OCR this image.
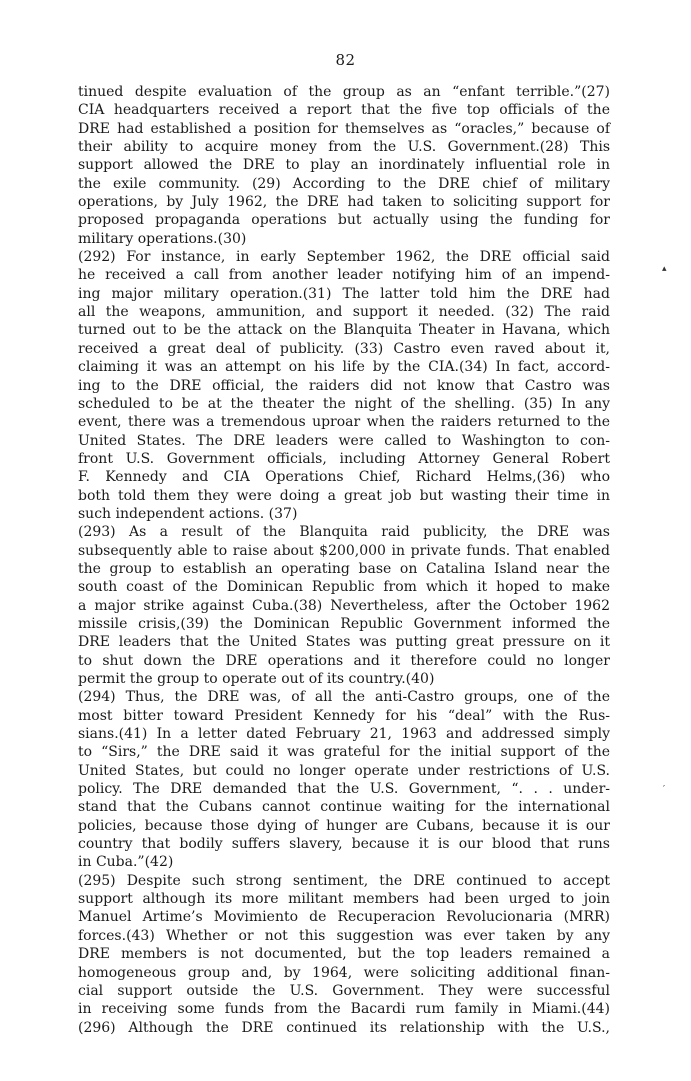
82
tinued despite evaluation of the group as an “enfant terrible.”(27)
CIA headquarters received a report that the five top officials of the
DRE had established a position for themselves as “oracles,” because of
their ability to acquire money from the U.S. Government.(28) This
support allowed the DRE to play an inordinately influential role in
the exile community. (29) According to the DRE chief of military
operations, by July 1962, the DRE had taken to soliciting support for
proposed propaganda operations but actually using the funding for
military operations.(30)
(292) For instance, in early September 1962, the DRE official said
he received a call from another leader notifying him of an impend-
ing major military operation.(31) The latter told him the DRE had
all the weapons, ammunition, and support it needed. (32) The raid
turned out to be the attack on the Blanquita Theater in Havana, which
received a great deal of publicity. (33) Castro even raved about it,
claiming it was an attempt on his life by the CIA.(34) In fact, accord-
ing to the DRE official, the raiders did not know that Castro was
scheduled to be at the theater the night of the shelling. (35) In any
event, there was a tremendous uproar when the raiders returned to the
United States. The DRE leaders were called to Washington to con-
front U.S. Government officials, including Attorney General Robert
F. Kennedy and CIA Operations Chief, Richard Helms,(36) who
both told them they were doing a great job but wasting their time in
such independent actions. (37)
(293) As a result of the Blanquita raid publicity, the DRE was
subsequently able to raise about $200,000 in private funds. That enabled
the group to establish an operating base on Catalina Island near the
south coast of the Dominican Republic from which it hoped to make
a major strike against Cuba.(38) Nevertheless, after the October 1962
missile crisis,(39) the Dominican Republic Government informed the
DRE leaders that the United States was putting great pressure on it
to shut down the DRE operations and it therefore could no longer
permit the group to operate out of its country.(40)
(294) Thus, the DRE was, of all the anti-Castro groups, one of the
most bitter toward President Kennedy for his “deal” with the Rus-
sians.(41) In a letter dated February 21, 1963 and addressed simply
to “Sirs,” the DRE said it was grateful for the initial support of the
United States, but could no longer operate under restrictions of U.S.
policy. The DRE demanded that the U.S. Government, “. . . under-
stand that the Cubans cannot continue waiting for the international
policies, because those dying of hunger are Cubans, because it is our
country that bodily suffers slavery, because it is our blood that runs
in Cuba.”(42)
(295) Despite such strong sentiment, the DRE continued to accept
support although its more militant members had been urged to join
Manuel Artime’s Movimiento de Recuperacion Revolucionaria (MRR)
forces.(43) Whether or not this suggestion was ever taken by any
DRE members is not documented, but the top leaders remained a
homogeneous group and, by 1964, were soliciting additional finan-
cial support outside the U.S. Government. They were successful
in receiving some funds from the Bacardi rum family in Miami.(44)
(296) Although the DRE continued its relationship with the U.S.,
▴
′
